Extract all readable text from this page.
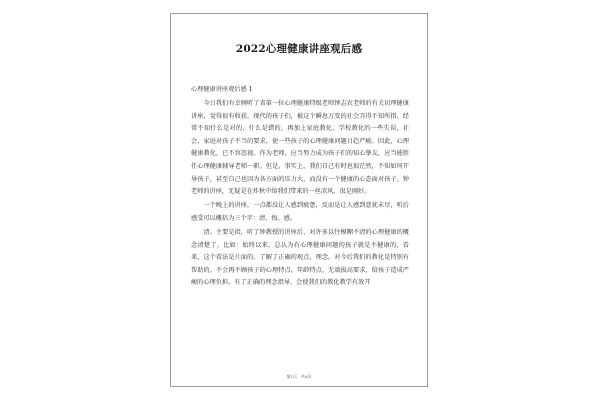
2022心理健康讲座观后感

心理健康讲座观后感 1

今日我们有幸倾听了省第一位心理健康特级老师钟志农老师的有关切理健康讲座，觉得很有收获。现代的孩子们，被这个瞬息万变的社会弄得不知所措，经常不知什么是对的，什么是错的，再加上家庭教化、学校教化的一些失误，社会、家庭对孩子不当的要求，使一些孩子的心理健康问题日趋严峻。因此，心理健康教化，已不容忽视。作为老师，应当努力成为孩子们的知心挚友，应当能胜任心理健康辅导老师一职。但是，事实上，我们自己有时也很茫然，不知如何开导孩子，甚至自己也因为各方面的压力大，而没有一个健康的心态面对孩子。钟老师的讲座，无疑是在炸秋中给我们带来的一丝凉风，很是刚好。

一个晚上的讲座，一点都没让人感到疲惫，反而是让人感到意犹未尽，听后感受可以概括为三个字：清、悔、感。

清。主要是指，听了钟教授的讲座后，对许多以往模糊不清的心理健康的概念清楚了。比如：始终以来，总认为有心理健康问题的孩子就是不健康的，看来，这个看法是片面的。了解了正确的观点、理念，对今后我们的教化是特别有帮助的。不会再不顾孩子的心理特点、年龄特点，无端拔高要求，给孩子造成严峻的心理负担。有了正确的理念指导，会使我们的教化教学有效开

第1页　共6页
